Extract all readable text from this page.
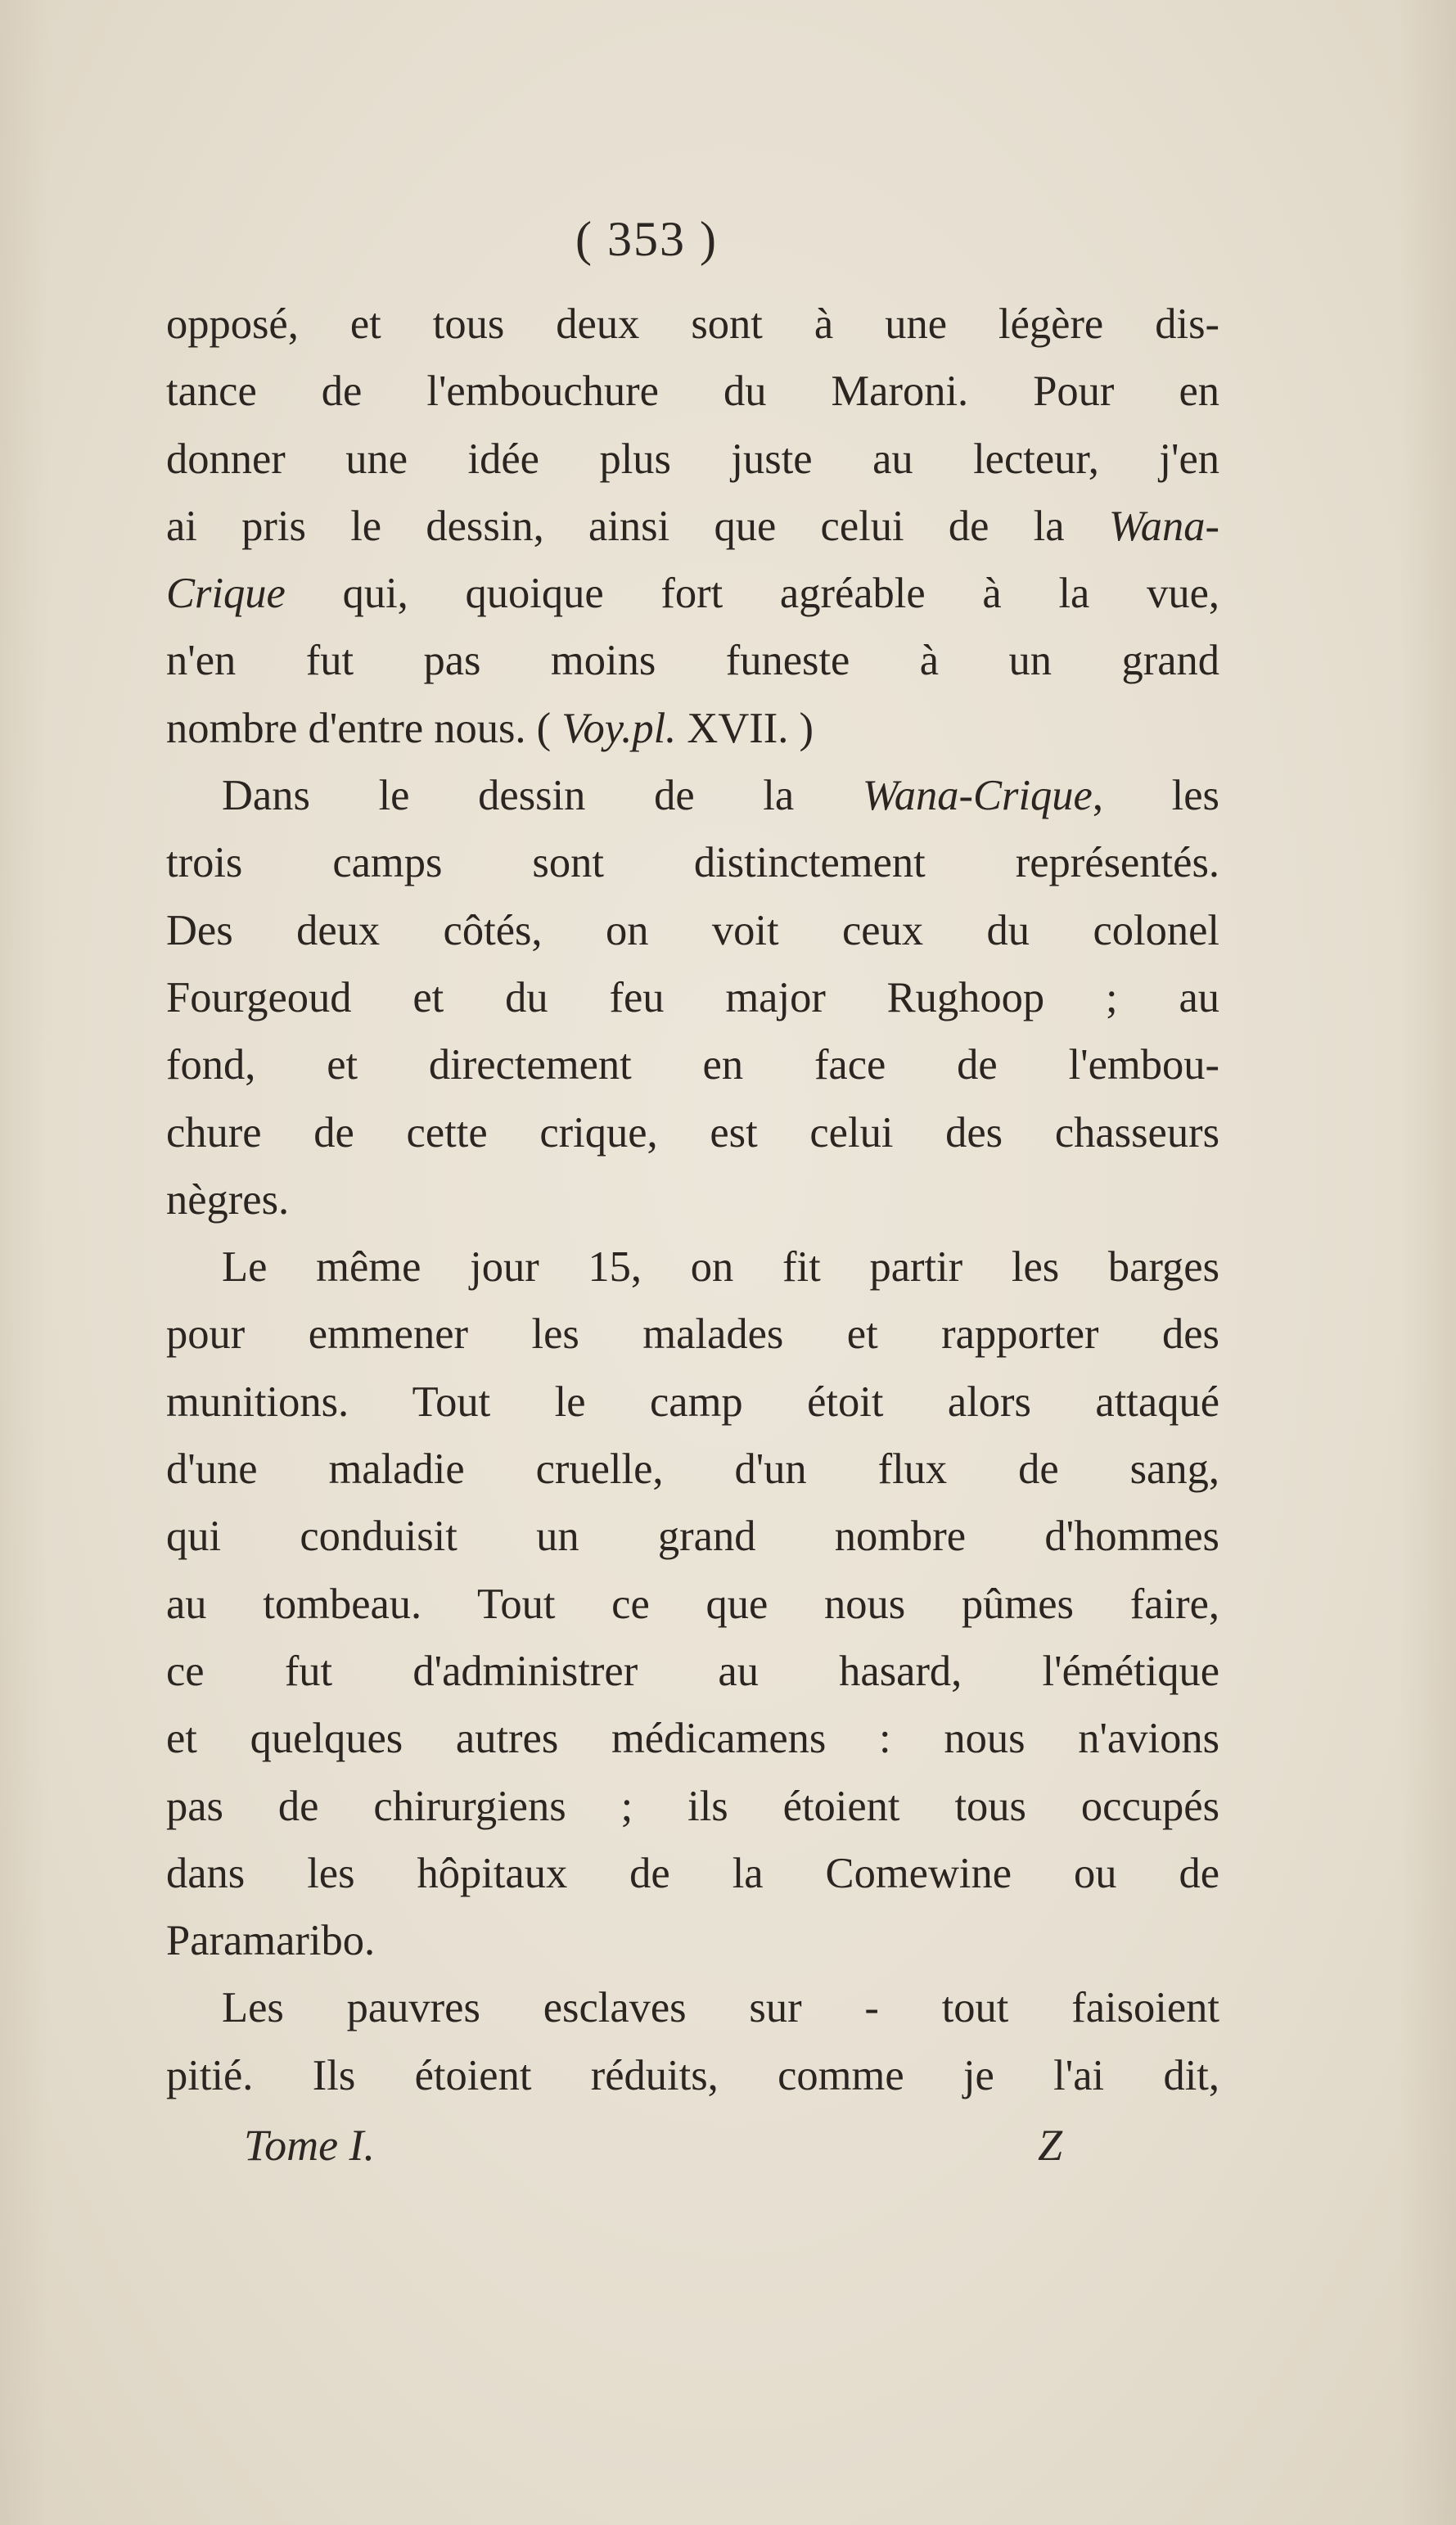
( 353 )
opposé, et tous deux sont à une légère dis-
tance de l'embouchure du Maroni. Pour en
donner une idée plus juste au lecteur, j'en
ai pris le dessin, ainsi que celui de la Wana-
Crique qui, quoique fort agréable à la vue,
n'en fut pas moins funeste à un grand
nombre d'entre nous. ( Voy.pl. XVII. )
Dans le dessin de la Wana-Crique, les
trois camps sont distinctement représentés.
Des deux côtés, on voit ceux du colonel
Fourgeoud et du feu major Rughoop ; au
fond, et directement en face de l'embou-
chure de cette crique, est celui des chasseurs
nègres.
Le même jour 15, on fit partir les barges
pour emmener les malades et rapporter des
munitions. Tout le camp étoit alors attaqué
d'une maladie cruelle, d'un flux de sang,
qui conduisit un grand nombre d'hommes
au tombeau. Tout ce que nous pûmes faire,
ce fut d'administrer au hasard, l'émétique
et quelques autres médicamens : nous n'avions
pas de chirurgiens ; ils étoient tous occupés
dans les hôpitaux de la Comewine ou de
Paramaribo.
Les pauvres esclaves sur - tout faisoient
pitié. Ils étoient réduits, comme je l'ai dit,
Tome I.	Z
